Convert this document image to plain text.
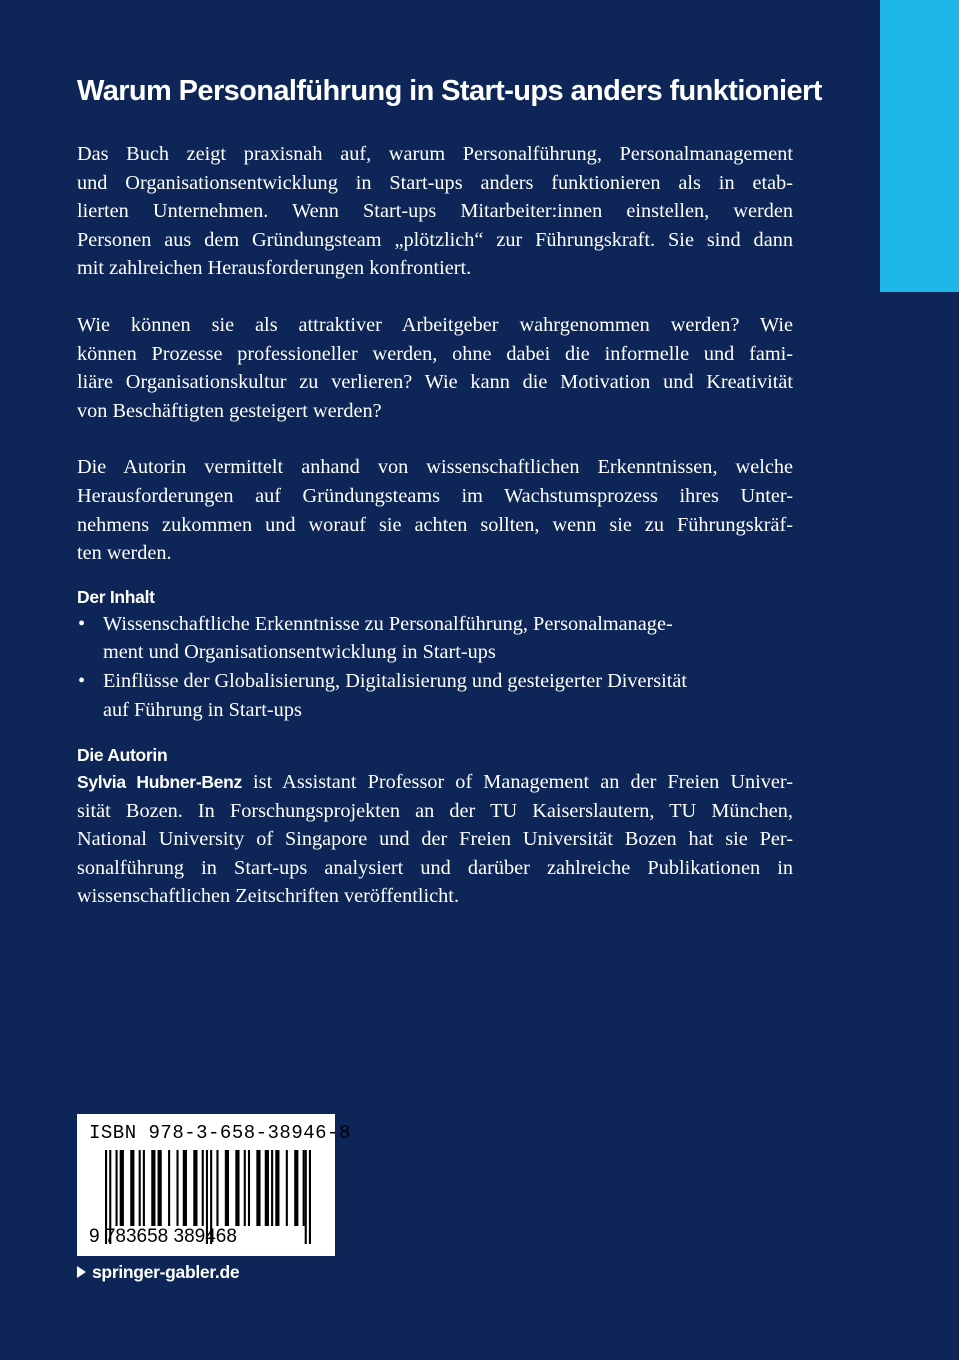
Warum Personalführung in Start-ups anders funktioniert
Das Buch zeigt praxisnah auf, warum Personalführung, Personalmanagement
und Organisationsentwicklung in Start-ups anders funktionieren als in etab-
lierten Unternehmen. Wenn Start-ups Mitarbeiter:innen einstellen, werden
Personen aus dem Gründungsteam „plötzlich“ zur Führungskraft. Sie sind dann
mit zahlreichen Herausforderungen konfrontiert.
Wie können sie als attraktiver Arbeitgeber wahrgenommen werden? Wie
können Prozesse professioneller werden, ohne dabei die informelle und fami-
liäre Organisationskultur zu verlieren? Wie kann die Motivation und Kreativität
von Beschäftigten gesteigert werden?
Die Autorin vermittelt anhand von wissenschaftlichen Erkenntnissen, welche
Herausforderungen auf Gründungsteams im Wachstumsprozess ihres Unter-
nehmens zukommen und worauf sie achten sollten, wenn sie zu Führungskräf-
ten werden.
Der Inhalt
• Wissenschaftliche Erkenntnisse zu Personalführung, Personalmanage-
ment und Organisationsentwicklung in Start-ups
• Einflüsse der Globalisierung, Digitalisierung und gesteigerter Diversität
auf Führung in Start-ups
Die Autorin
Sylvia Hubner-Benz ist Assistant Professor of Management an der Freien Univer-
sität Bozen. In Forschungsprojekten an der TU Kaiserslautern, TU München,
National University of Singapore und der Freien Universität Bozen hat sie Per-
sonalführung in Start-ups analysiert und darüber zahlreiche Publikationen in
wissenschaftlichen Zeitschriften veröffentlicht.
ISBN 978-3-658-38946-8
9 783658 389468
springer-gabler.de
